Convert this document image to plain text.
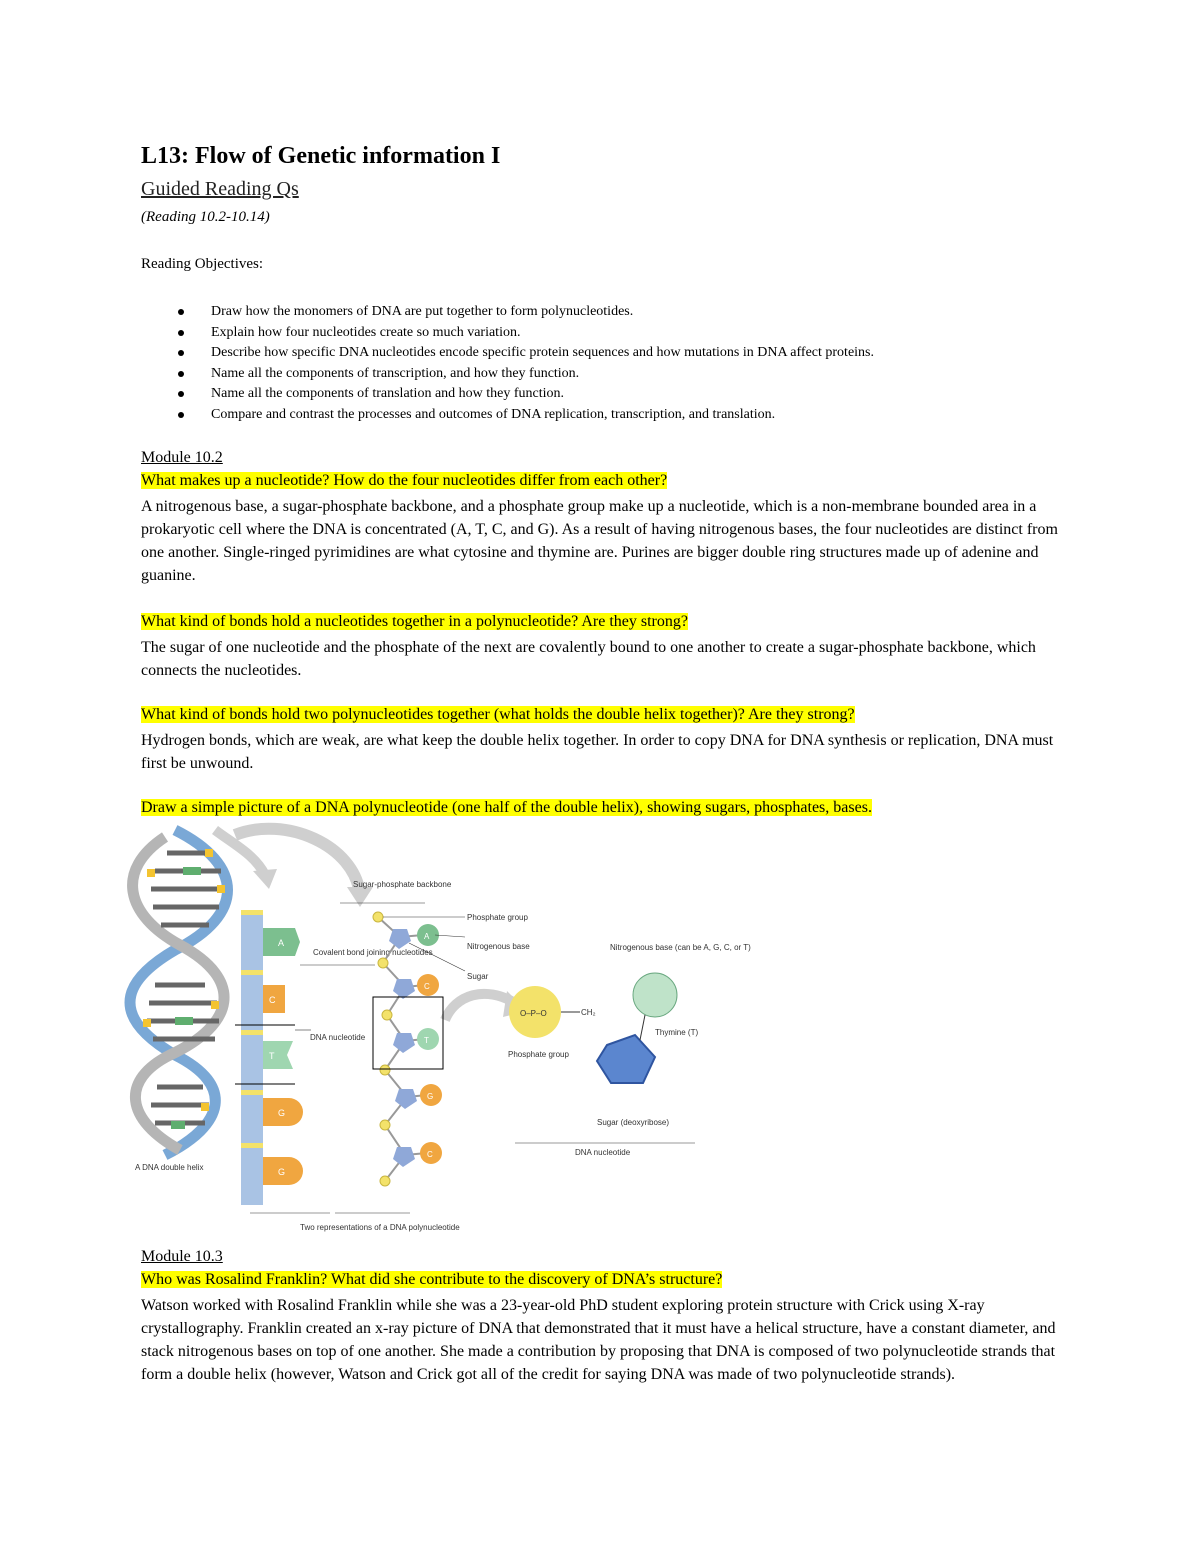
L13: Flow of Genetic information I
Guided Reading Qs
(Reading 10.2-10.14)
Reading Objectives:
Draw how the monomers of DNA are put together to form polynucleotides.
Explain how four nucleotides create so much variation.
Describe how specific DNA nucleotides encode specific protein sequences and how mutations in DNA affect proteins.
Name all the components of transcription, and how they function.
Name all the components of translation and how they function.
Compare and contrast the processes and outcomes of DNA replication, transcription, and translation.
Module 10.2
What makes up a nucleotide? How do the four nucleotides differ from each other?
A nitrogenous base, a sugar-phosphate backbone, and a phosphate group make up a nucleotide, which is a non-membrane bounded area in a prokaryotic cell where the DNA is concentrated (A, T, C, and G). As a result of having nitrogenous bases, the four nucleotides are distinct from one another. Single-ringed pyrimidines are what cytosine and thymine are. Purines are bigger double ring structures made up of adenine and guanine.
What kind of bonds hold a nucleotides together in a polynucleotide? Are they strong?
The sugar of one nucleotide and the phosphate of the next are covalently bound to one another to create a sugar-phosphate backbone, which connects the nucleotides.
What kind of bonds hold two polynucleotides together (what holds the double helix together)? Are they strong?
Hydrogen bonds, which are weak, are what keep the double helix together. In order to copy DNA for DNA synthesis or replication, DNA must first be unwound.
Draw a simple picture of a DNA polynucleotide (one half of the double helix), showing sugars, phosphates, bases.
A DNA double helix
A
C
T
G
G
Covalent bond joining nucleotides
DNA nucleotide
Sugar-phosphate backbone
A
C
T
G
C
Phosphate group
Nitrogenous base
Sugar
Two representations of a DNA polynucleotide
O–P–O
Phosphate group
CH₂
Sugar (deoxyribose)
Nitrogenous base (can be A, G, C, or T)
Thymine (T)
DNA nucleotide
Module 10.3
Who was Rosalind Franklin? What did she contribute to the discovery of DNA’s structure?
Watson worked with Rosalind Franklin while she was a 23-year-old PhD student exploring protein structure with Crick using X-ray crystallography. Franklin created an x-ray picture of DNA that demonstrated that it must have a helical structure, have a constant diameter, and stack nitrogenous bases on top of one another. She made a contribution by proposing that DNA is composed of two polynucleotide strands that form a double helix (however, Watson and Crick got all of the credit for saying DNA was made of two polynucleotide strands).
